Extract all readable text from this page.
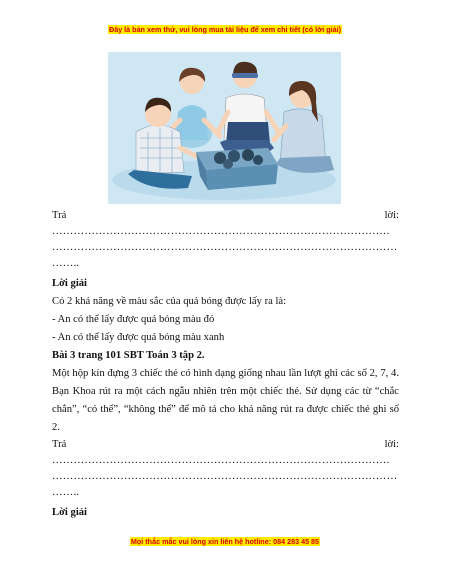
Đây là bản xem thử, vui lòng mua tài liệu để xem chi tiết (có lời giải)
Trả	lời:
………………………………………………………………………………….
……………………………………………………………………………………
……..
Lời giải
Có 2 khả năng về màu sắc của quả bóng được lấy ra là:
- An có thể lấy được quả bóng màu đỏ
- An có thể lấy được quả bóng màu xanh
Bài 3 trang 101 SBT Toán 3 tập 2.
Một hộp kín đựng 3 chiếc thẻ có hình dạng giống nhau lần lượt ghi các số 2, 7, 4. Bạn Khoa rút ra một cách ngẫu nhiên trên một chiếc thẻ. Sử dụng các từ “chắc chắn”, “có thể”, “không thể” để mô tả cho khả năng rút ra được chiếc thẻ ghi số 2.
Trả	lời:
………………………………………………………………………………….
……………………………………………………………………………………
……..
Lời giải
Mọi thắc mắc vui lòng xin liên hệ hotline: 084 283 45 85
